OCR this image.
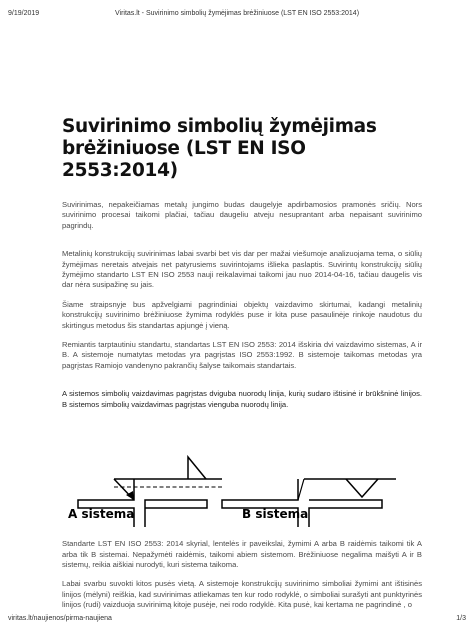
9/19/2019	Viritas.lt - Suvirinimo simbolių žymėjimas brėžiniuose (LST EN ISO 2553:2014)
Suvirinimo simbolių žymėjimas brėžiniuose (LST EN ISO 2553:2014)

Suvirinimas, nepakeičiamas metalų jungimo budas daugelyje apdirbamosios pramonės sričių. Nors suvirinimo procesai taikomi plačiai, tačiau daugeliu atveju nesuprantant arba nepaisant suvirinimo pagrindų.

Metalinių konstrukcijų suvirinimas labai svarbi bet vis dar per mažai viešumoje analizuojama tema, o siūlių žymėjimas neretais atvejais net patyrusiems suvirintojams išlieka paslaptis. Suvirintų konstrukcijų siūlių žymėjimo standarto LST EN ISO 2553 nauji reikalavimai taikomi jau nuo 2014-04-16, tačiau daugelis vis dar nėra susipažinę su jais.

Šiame straipsnyje bus apžvelgiami pagrindiniai objektų vaizdavimo skirtumai, kadangi metalinių konstrukcijų suvirinimo brėžiniuose žymima rodyklės puse ir kita puse pasaulinėje rinkoje naudotus du skirtingus metodus šis standartas apjungė į vieną.

Remiantis tarptautiniu standartu, standartas LST EN ISO 2553: 2014 išskiria dvi vaizdavimo sistemas, A ir B. A sistemoje numatytas metodas yra pagrįstas ISO 2553:1992. B sistemoje taikomas metodas yra pagrįstas Ramiojo vandenyno pakrančių šalyse taikomais standartais.

A sistemos simbolių vaizdavimas pagrįstas dviguba nuorodų linija, kurių sudaro ištisinė ir brūkšninė linijos. B sistemos simbolių vaizdavimas pagrįstas vienguba nuorodų linija.

A sistema	B sistema

Standarte LST EN ISO 2553: 2014 skyrial, lentelės ir paveikslai, žymimi A arba B raidėmis taikomi tik A arba tik B sistemai. Nepažymėti raidėmis, taikomi abiem sistemom. Brėžiniuose negalima maišyti A ir B sistemų, reikia aiškiai nurodyti, kuri sistema taikoma.

Labai svarbu suvokti kitos pusės vietą. A sistemoje konstrukcijų suvirinimo simboliai žymimi ant ištisinės linijos (mėlyni) reiškia, kad suvirinimas atliekamas ten kur rodo rodyklė, o simboliai surašyti ant punktyrinės linijos (rudi) vaizduoja suvirinimą kitoje pusėje, nei rodo rodyklė. Kita pusė, kai kertama ne pagrindinė , o

viritas.lt/naujienos/pirma-naujiena	1/3
